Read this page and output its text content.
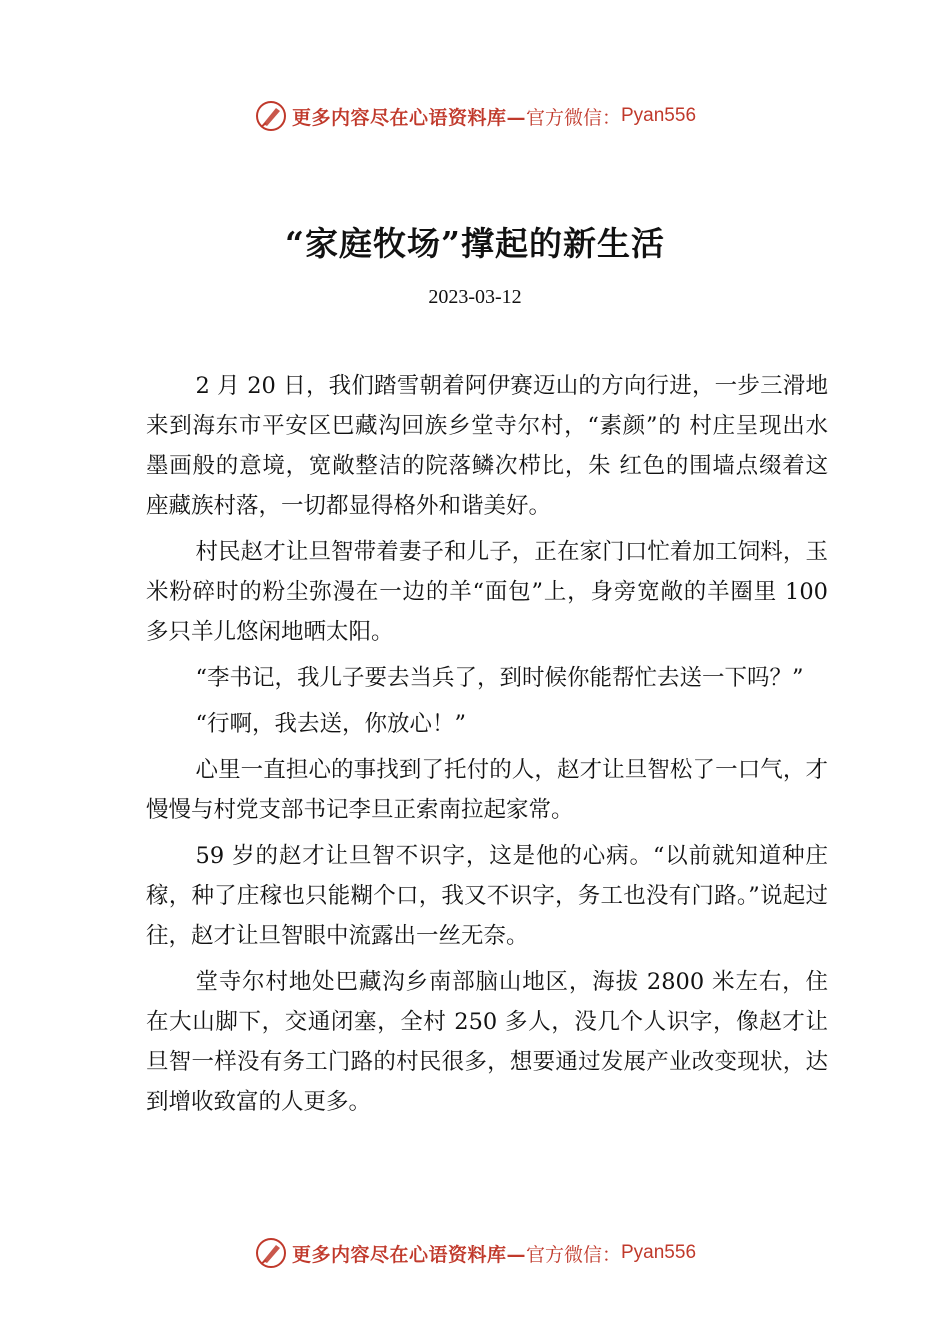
更多内容尽在心语资料库— 官方微信： Pyan556
“家庭牧场”撑起的新生活
2023-03-12

2 月 20 日，我们踏雪朝着阿伊赛迈山的方向行进，一步三滑地来到海东市平安区巴藏沟回族乡堂寺尔村，“素颜”的 村庄呈现出水墨画般的意境，宽敞整洁的院落鳞次栉比，朱 红色的围墙点缀着这座藏族村落，一切都显得格外和谐美好。

村民赵才让旦智带着妻子和儿子，正在家门口忙着加工饲料，玉米粉碎时的粉尘弥漫在一边的羊“面包”上，身旁宽敞的羊圈里 100 多只羊儿悠闲地晒太阳。

“李书记，我儿子要去当兵了，到时候你能帮忙去送一下吗？”

“行啊，我去送，你放心！”

心里一直担心的事找到了托付的人，赵才让旦智松了一口气，才慢慢与村党支部书记李旦正索南拉起家常。

59 岁的赵才让旦智不识字，这是他的心病。“以前就知道种庄稼，种了庄稼也只能糊个口，我又不识字，务工也没有门路。”说起过往，赵才让旦智眼中流露出一丝无奈。

堂寺尔村地处巴藏沟乡南部脑山地区，海拔 2800 米左右，住在大山脚下，交通闭塞，全村 250 多人，没几个人识字，像赵才让旦智一样没有务工门路的村民很多，想要通过发展产业改变现状，达到增收致富的人更多。

更多内容尽在心语资料库— 官方微信： Pyan556
